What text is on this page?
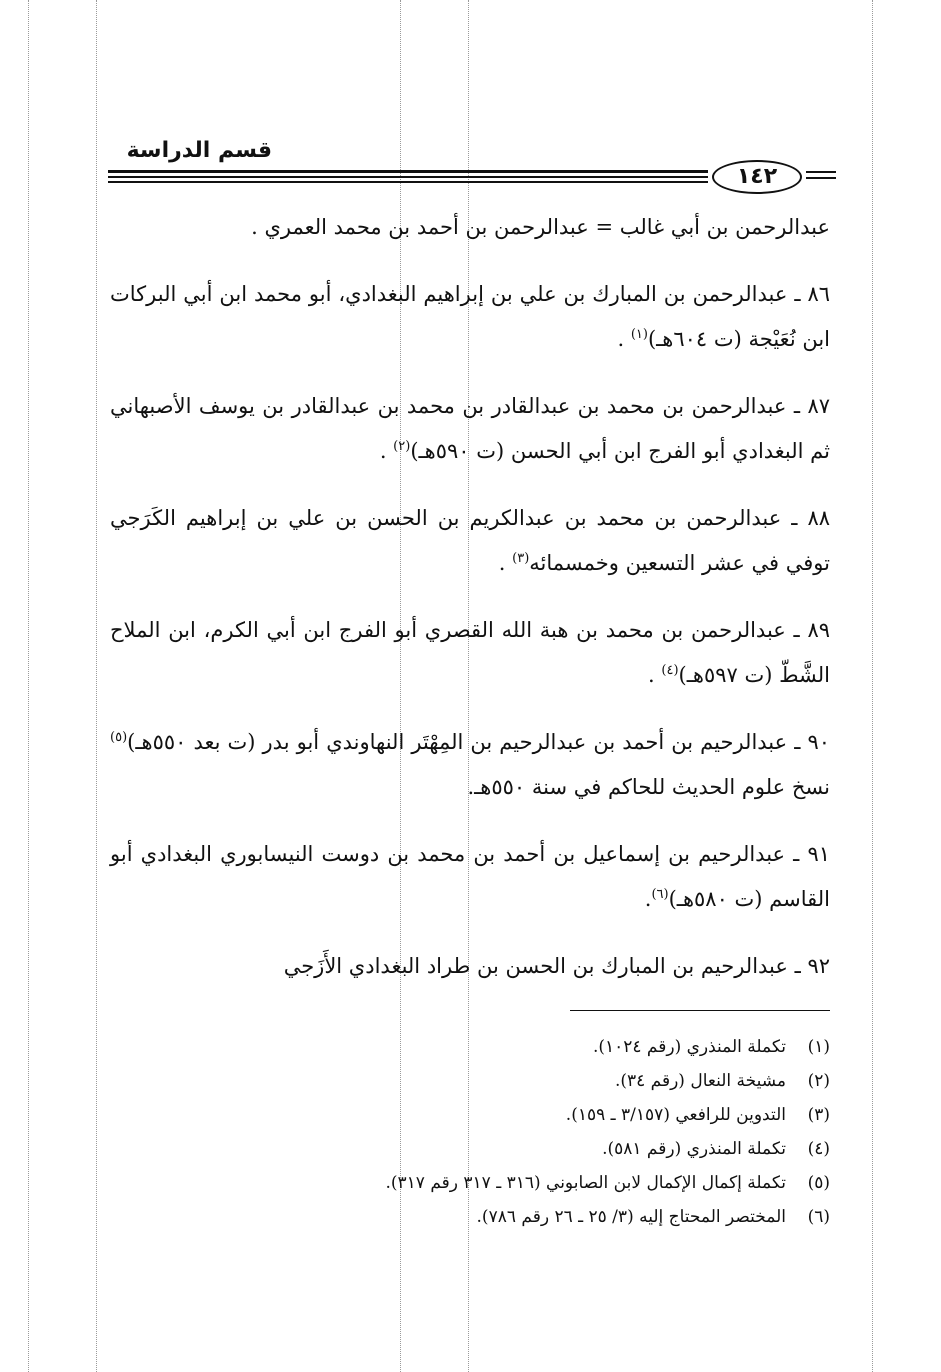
قسم الدراسة
١٤٢

عبدالرحمن بن أبي غالب = عبدالرحمن بن أحمد بن محمد العمري .

٨٦ ـ عبدالرحمن بن المبارك بن علي بن إبراهيم البغدادي، أبو محمد ابن أبي البركات ابن نُعَيْجة (ت ٦٠٤هـ)$^{(١)}$ .

٨٧ ـ عبدالرحمن بن محمد بن عبدالقادر بن محمد بن عبدالقادر بن يوسف الأصبهاني ثم البغدادي أبو الفرج ابن أبي الحسن (ت ٥٩٠هـ)$^{(٢)}$ .

٨٨ ـ عبدالرحمن بن محمد بن عبدالكريم بن الحسن بن علي بن إبراهيم الكَرَجي توفي في عشر التسعين وخمسمائه$^{(٣)}$ .

٨٩ ـ عبدالرحمن بن محمد بن هبة الله القصري أبو الفرج ابن أبي الكرم، ابن الملاح الشَّطّ (ت ٥٩٧هـ)$^{(٤)}$ .

٩٠ ـ عبدالرحيم بن أحمد بن عبدالرحيم بن المِهْتَر النهاوندي أبو بدر (ت بعد ٥٥٠هـ)$^{(٥)}$ نسخ علوم الحديث للحاكم في سنة ٥٥٠هـ.

٩١ ـ عبدالرحيم بن إسماعيل بن أحمد بن محمد بن دوست النيسابوري البغدادي أبو القاسم (ت ٥٨٠هـ)$^{(٦)}$.

٩٢ ـ عبدالرحيم بن المبارك بن الحسن بن طراد البغدادي الأَزَجي

(١)تكملة المنذري (رقم ١٠٢٤).
(٢)مشيخة النعال (رقم ٣٤).
(٣)التدوين للرافعي (٣/١٥٧ ـ ١٥٩).
(٤)تكملة المنذري (رقم ٥٨١).
(٥)تكملة إكمال الإكمال لابن الصابوني (٣١٦ ـ ٣١٧ رقم ٣١٧).
(٦)المختصر المحتاج إليه (٣/ ٢٥ ـ ٢٦ رقم ٧٨٦).
